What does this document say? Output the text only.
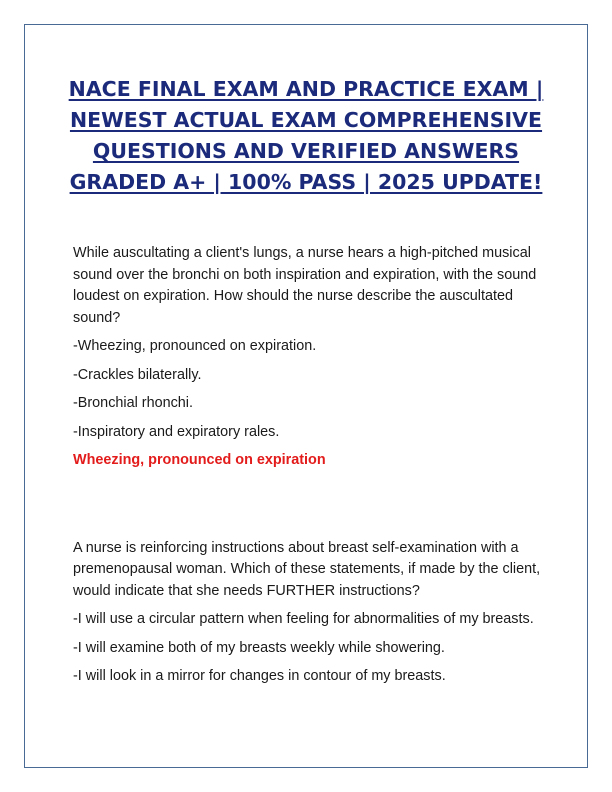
NACE FINAL EXAM AND PRACTICE EXAM | NEWEST ACTUAL EXAM COMPREHENSIVE QUESTIONS AND VERIFIED ANSWERS GRADED A+ | 100% PASS | 2025 UPDATE!

While auscultating a client's lungs, a nurse hears a high-pitched musical sound over the bronchi on both inspiration and expiration, with the sound loudest on expiration. How should the nurse describe the auscultated sound?

-Wheezing, pronounced on expiration.

-Crackles bilaterally.

-Bronchial rhonchi.

-Inspiratory and expiratory rales.

Wheezing, pronounced on expiration

A nurse is reinforcing instructions about breast self-examination with a premenopausal woman. Which of these statements, if made by the client, would indicate that she needs FURTHER instructions?

-I will use a circular pattern when feeling for abnormalities of my breasts.

-I will examine both of my breasts weekly while showering.

-I will look in a mirror for changes in contour of my breasts.
